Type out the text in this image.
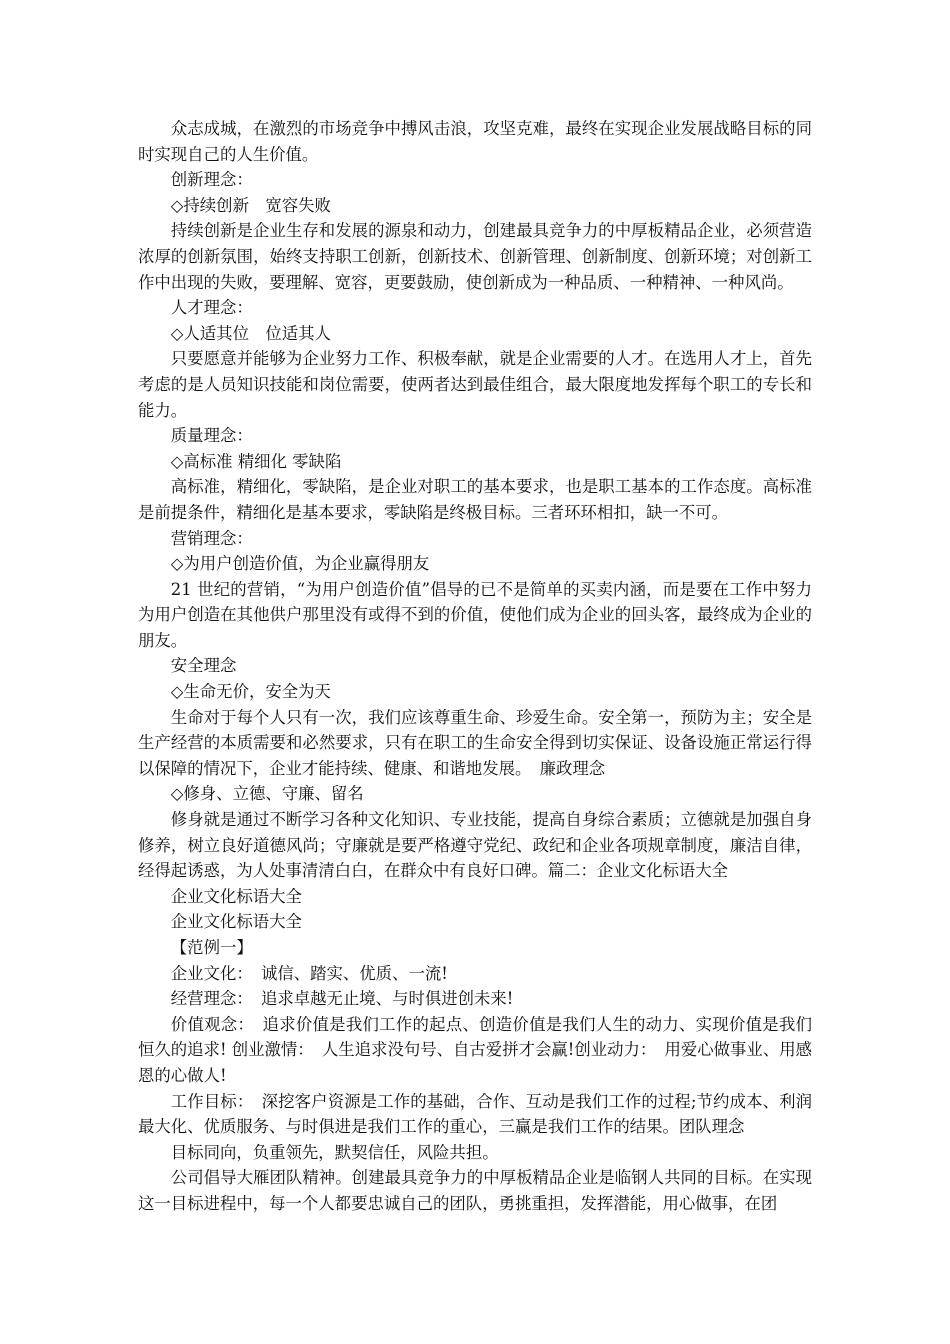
众志成城，在激烈的市场竞争中搏风击浪，攻坚克难，最终在实现企业发展战略目标的同时实现自己的人生价值。

创新理念：

◇持续创新　宽容失败

持续创新是企业生存和发展的源泉和动力，创建最具竞争力的中厚板精品企业，必须营造浓厚的创新氛围，始终支持职工创新，创新技术、创新管理、创新制度、创新环境；对创新工作中出现的失败，要理解、宽容，更要鼓励，使创新成为一种品质、一种精神、一种风尚。

人才理念：

◇人适其位　位适其人

只要愿意并能够为企业努力工作、积极奉献，就是企业需要的人才。在选用人才上，首先考虑的是人员知识技能和岗位需要，使两者达到最佳组合，最大限度地发挥每个职工的专长和能力。

质量理念：

◇高标准 精细化 零缺陷

高标准，精细化，零缺陷，是企业对职工的基本要求，也是职工基本的工作态度。高标准是前提条件，精细化是基本要求，零缺陷是终极目标。三者环环相扣，缺一不可。

营销理念：

◇为用户创造价值，为企业赢得朋友

21 世纪的营销，“为用户创造价值”倡导的已不是简单的买卖内涵，而是要在工作中努力为用户创造在其他供户那里没有或得不到的价值，使他们成为企业的回头客，最终成为企业的朋友。

安全理念

◇生命无价，安全为天

生命对于每个人只有一次，我们应该尊重生命、珍爱生命。安全第一，预防为主；安全是生产经营的本质需要和必然要求，只有在职工的生命安全得到切实保证、设备设施正常运行得以保障的情况下，企业才能持续、健康、和谐地发展。　廉政理念

◇修身、立德、守廉、留名

修身就是通过不断学习各种文化知识、专业技能，提高自身综合素质；立德就是加强自身修养，树立良好道德风尚；守廉就是要严格遵守党纪、政纪和企业各项规章制度，廉洁自律，经得起诱惑，为人处事清清白白，在群众中有良好口碑。篇二：企业文化标语大全

企业文化标语大全

企业文化标语大全

【范例一】

企业文化：　诚信、踏实、优质、一流!

经营理念：　追求卓越无止境、与时俱进创未来!

价值观念：　追求价值是我们工作的起点、创造价值是我们人生的动力、实现价值是我们恒久的追求! 创业激情：　人生追求没句号、自古爱拼才会赢!创业动力：　用爱心做事业、用感恩的心做人!

工作目标：　深挖客户资源是工作的基础，合作、互动是我们工作的过程;节约成本、利润最大化、优质服务、与时俱进是我们工作的重心，三赢是我们工作的结果。团队理念

目标同向，负重领先，默契信任，风险共担。

公司倡导大雁团队精神。创建最具竞争力的中厚板精品企业是临钢人共同的目标。在实现这一目标进程中，每一个人都要忠诚自己的团队，勇挑重担，发挥潜能，用心做事，在团
